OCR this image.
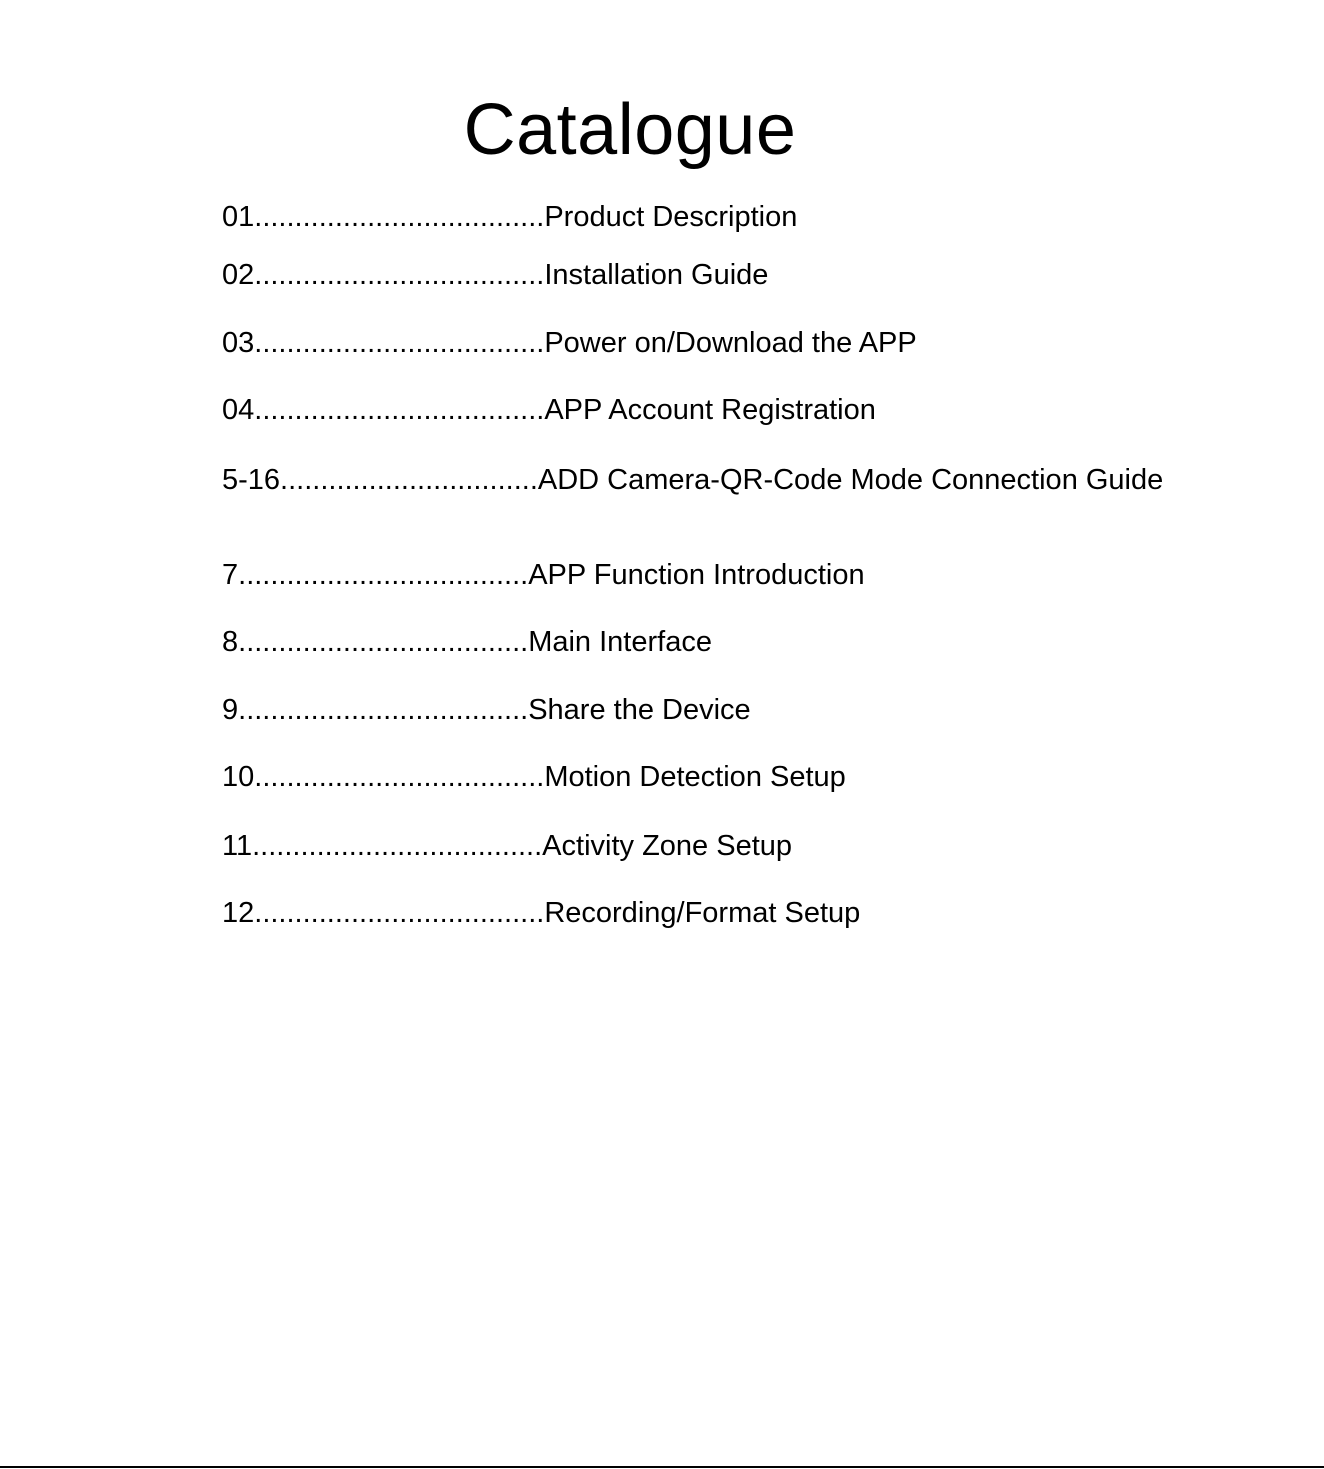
Catalogue
01....................................Product Description
02....................................Installation Guide
03....................................Power on/Download the APP
04....................................APP Account Registration
5-16................................ADD Camera-QR-Code Mode Connection Guide
7....................................APP Function Introduction
8....................................Main Interface
9....................................Share the Device
10....................................Motion Detection Setup
11....................................Activity Zone Setup
12....................................Recording/Format Setup
